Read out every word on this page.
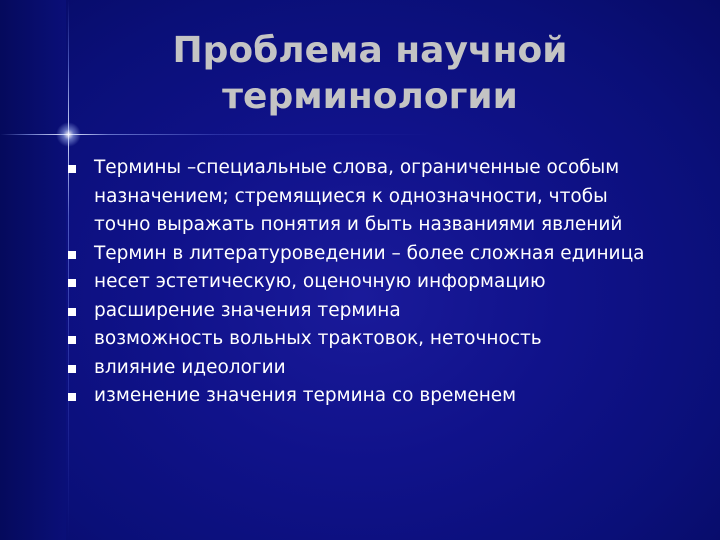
Проблема научной терминологии
Термины –специальные слова, ограниченные особым назначением; стремящиеся к однозначности, чтобы точно выражать понятия и быть названиями явлений
Термин в литературоведении – более сложная единица
несет эстетическую, оценочную информацию
расширение значения термина
возможность вольных трактовок, неточность
влияние идеологии
изменение значения термина со временем
